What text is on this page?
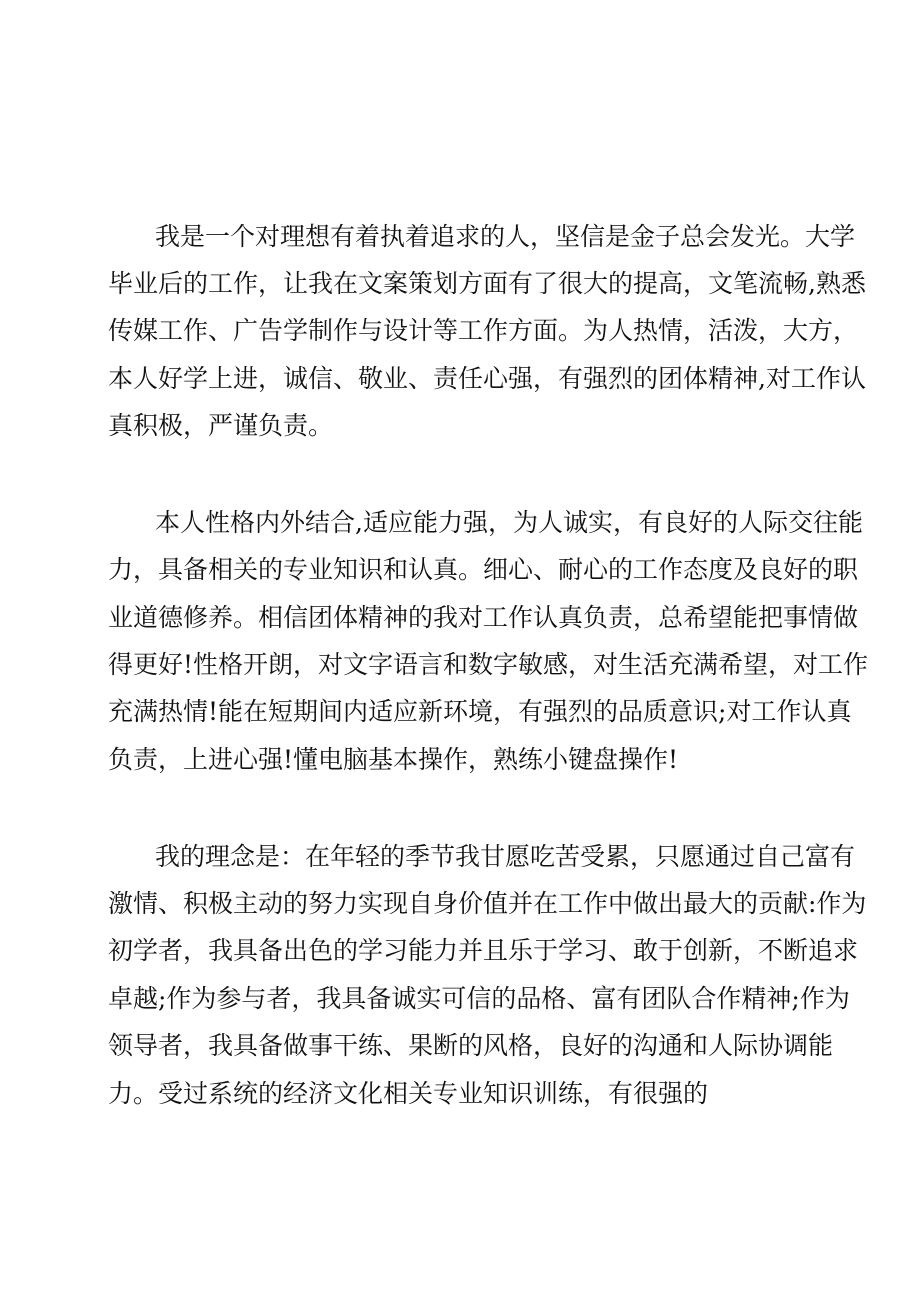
我是一个对理想有着执着追求的人，坚信是金子总会发光。大学

毕业后的工作，让我在文案策划方面有了很大的提高，文笔流畅,熟悉

传媒工作、广告学制作与设计等工作方面。为人热情，活泼，大方，

本人好学上进，诚信、敬业、责任心强，有强烈的团体精神,对工作认

真积极，严谨负责。

本人性格内外结合,适应能力强，为人诚实，有良好的人际交往能

力，具备相关的专业知识和认真。细心、耐心的工作态度及良好的职

业道德修养。相信团体精神的我对工作认真负责，总希望能把事情做

得更好!性格开朗，对文字语言和数字敏感，对生活充满希望，对工作

充满热情!能在短期间内适应新环境，有强烈的品质意识;对工作认真

负责，上进心强!懂电脑基本操作，熟练小键盘操作!

我的理念是：在年轻的季节我甘愿吃苦受累，只愿通过自己富有

激情、积极主动的努力实现自身价值并在工作中做出最大的贡献:作为

初学者，我具备出色的学习能力并且乐于学习、敢于创新，不断追求

卓越;作为参与者，我具备诚实可信的品格、富有团队合作精神;作为

领导者，我具备做事干练、果断的风格，良好的沟通和人际协调能

力。受过系统的经济文化相关专业知识训练，有很强的
